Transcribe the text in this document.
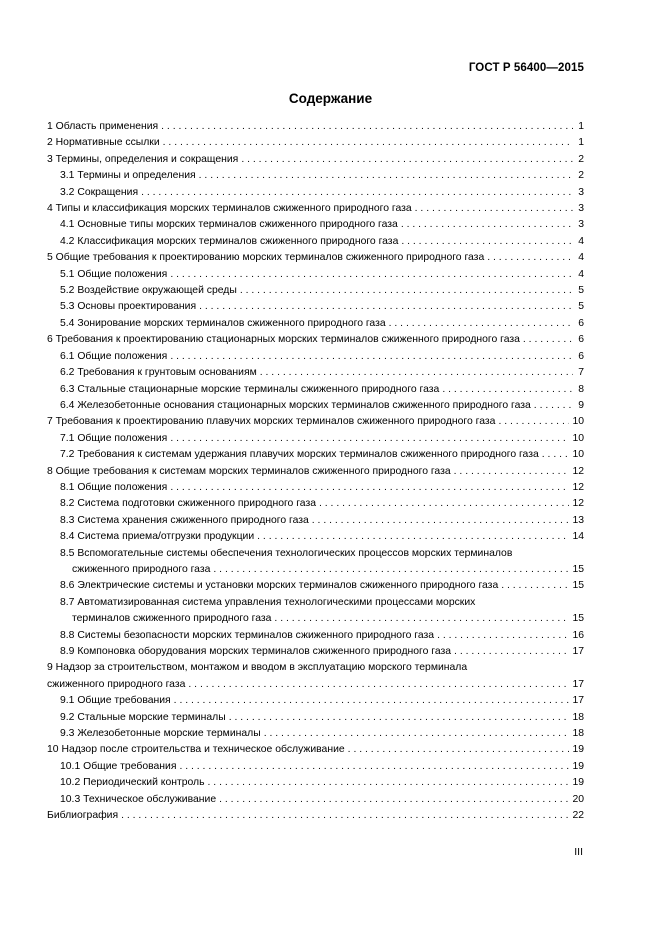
ГОСТ Р 56400—2015
Содержание
1 Область применения . . .	1
2 Нормативные ссылки . . .	1
3 Термины, определения и сокращения . . .	2
3.1 Термины и определения . . .	2
3.2 Сокращения . . .	3
4 Типы и классификация морских терминалов сжиженного природного газа . . .	3
4.1 Основные типы морских терминалов сжиженного природного газа . . .	3
4.2 Классификация морских терминалов сжиженного природного газа . . .	4
5 Общие требования к проектированию морских терминалов сжиженного природного газа . . .	4
5.1 Общие положения . . .	4
5.2 Воздействие окружающей среды . . .	5
5.3 Основы проектирования . . .	5
5.4 Зонирование морских терминалов сжиженного природного газа . . .	6
6 Требования к проектированию стационарных морских терминалов сжиженного природного газа . . .	6
6.1 Общие положения . . .	6
6.2 Требования к грунтовым основаниям . . .	7
6.3 Стальные стационарные морские терминалы сжиженного природного газа . . .	8
6.4 Железобетонные основания стационарных морских терминалов сжиженного природного газа . . .	9
7 Требования к проектированию плавучих морских терминалов сжиженного природного газа . . .	10
7.1 Общие положения . . .	10
7.2 Требования к системам удержания плавучих морских терминалов сжиженного природного газа . . .	10
8 Общие требования к системам морских терминалов сжиженного природного газа . . .	12
8.1 Общие положения . . .	12
8.2 Система подготовки сжиженного природного газа . . .	12
8.3 Система хранения сжиженного природного газа . . .	13
8.4 Система приема/отгрузки продукции . . .	14
8.5 Вспомогательные системы обеспечения технологических процессов морских терминалов
сжиженного природного газа . . .	15
8.6 Электрические системы и установки морских терминалов сжиженного природного газа . . .	15
8.7 Автоматизированная система управления технологическими процессами морских
терминалов сжиженного природного газа . . .	15
8.8 Системы безопасности морских терминалов сжиженного природного газа . . .	16
8.9 Компоновка оборудования морских терминалов сжиженного природного газа . . .	17
9 Надзор за строительством, монтажом и вводом в эксплуатацию морского терминала
сжиженного природного газа . . .	17
9.1 Общие требования . . .	17
9.2 Стальные морские терминалы . . .	18
9.3 Железобетонные морские терминалы . . .	18
10 Надзор после строительства и техническое обслуживание . . .	19
10.1 Общие требования . . .	19
10.2 Периодический контроль . . .	19
10.3 Техническое обслуживание . . .	20
Библиография . . .	22
III
